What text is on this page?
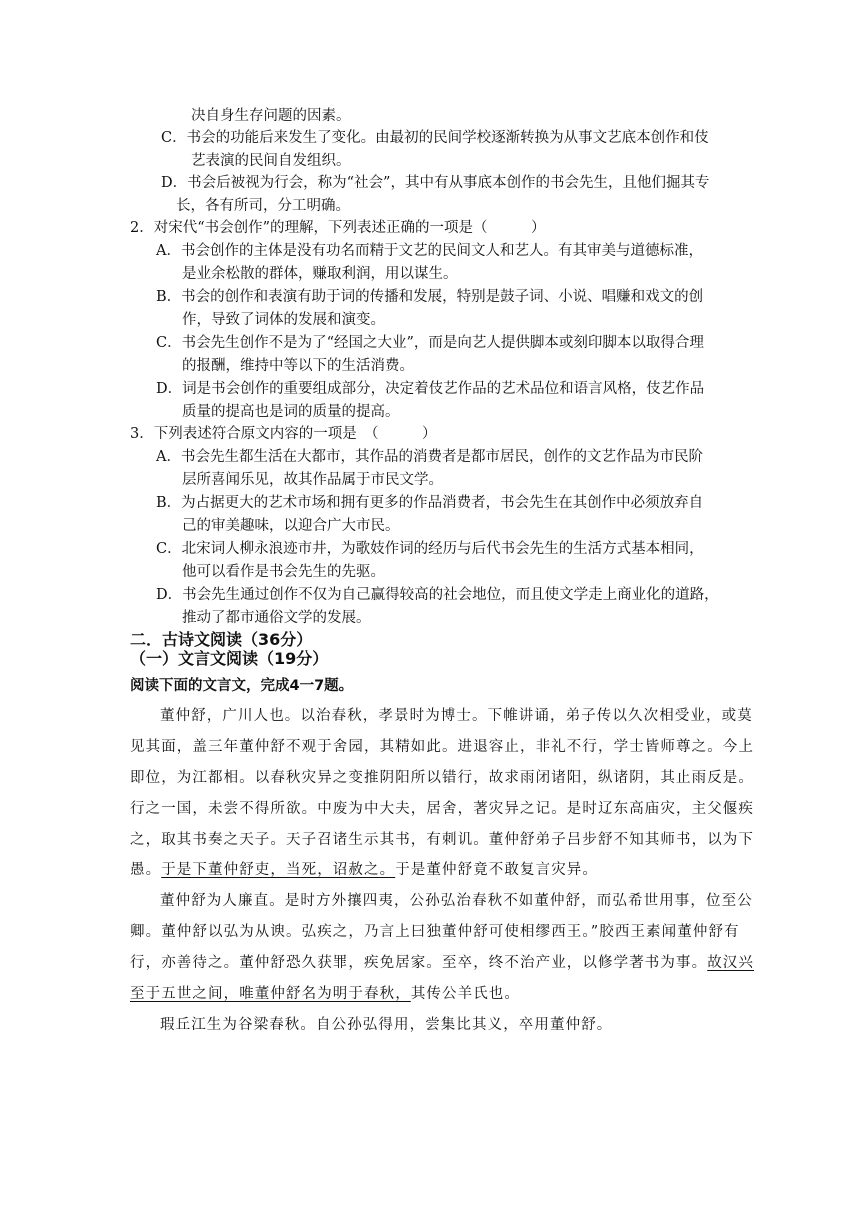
决自身生存问题的因素。
C．书会的功能后来发生了变化。由最初的民间学校逐渐转换为从事文艺底本创作和伎
艺表演的民间自发组织。
D．书会后被视为行会，称为“社会”，其中有从事底本创作的书会先生，且他们掘其专
长，各有所司，分工明确。
2．对宋代“书会创作”的理解，下列表述正确的一项是（　　　）
A．书会创作的主体是没有功名而精于文艺的民间文人和艺人。有其审美与道德标准，
是业余松散的群体，赚取利润，用以谋生。
B．书会的创作和表演有助于词的传播和发展，特别是鼓子词、小说、唱赚和戏文的创
作，导致了词体的发展和演变。
C．书会先生创作不是为了“经国之大业”，而是向艺人提供脚本或刻印脚本以取得合理
的报酬，维持中等以下的生活消费。
D．词是书会创作的重要组成部分，决定着伎艺作品的艺术品位和语言风格，伎艺作品
质量的提高也是词的质量的提高。
3．下列表述符合原文内容的一项是　（　　　）
A．书会先生都生活在大都市，其作品的消费者是都市居民，创作的文艺作品为市民阶
层所喜闻乐见，故其作品属于市民文学。
B．为占据更大的艺术市场和拥有更多的作品消费者，书会先生在其创作中必须放弃自
己的审美趣味，以迎合广大市民。
C．北宋词人柳永浪迹市井，为歌妓作词的经历与后代书会先生的生活方式基本相同，
他可以看作是书会先生的先驱。
D．书会先生通过创作不仅为自己赢得较高的社会地位，而且使文学走上商业化的道路，
推动了都市通俗文学的发展。
二．古诗文阅读（36分）
（一）文言文阅读（19分）
阅读下面的文言文，完成4一7题。
董仲舒，广川人也。以治春秋，孝景时为博士。下帷讲诵，弟子传以久次相受业，或莫
见其面，盖三年董仲舒不观于舍园，其精如此。进退容止，非礼不行，学士皆师尊之。今上
即位，为江都相。以春秋灾异之变推阴阳所以错行，故求雨闭诸阳，纵诸阴，其止雨反是。
行之一国，未尝不得所欲。中废为中大夫，居舍，著灾异之记。是时辽东高庙灾，主父偃疾
之，取其书奏之天子。天子召诸生示其书，有刺讥。董仲舒弟子吕步舒不知其师书，以为下
愚。于是下董仲舒吏，当死，诏赦之。于是董仲舒竟不敢复言灾异。
董仲舒为人廉直。是时方外攘四夷，公孙弘治春秋不如董仲舒，而弘希世用事，位至公
卿。董仲舒以弘为从谀。弘疾之，乃言上曰独董仲舒可使相缪西王。”胶西王素闻董仲舒有
行，亦善待之。董仲舒恐久获罪，疾免居家。至卒，终不治产业，以修学著书为事。故汉兴
至于五世之间，唯董仲舒名为明于春秋，其传公羊氏也。
瑕丘江生为谷梁春秋。自公孙弘得用，尝集比其义，卒用董仲舒。
